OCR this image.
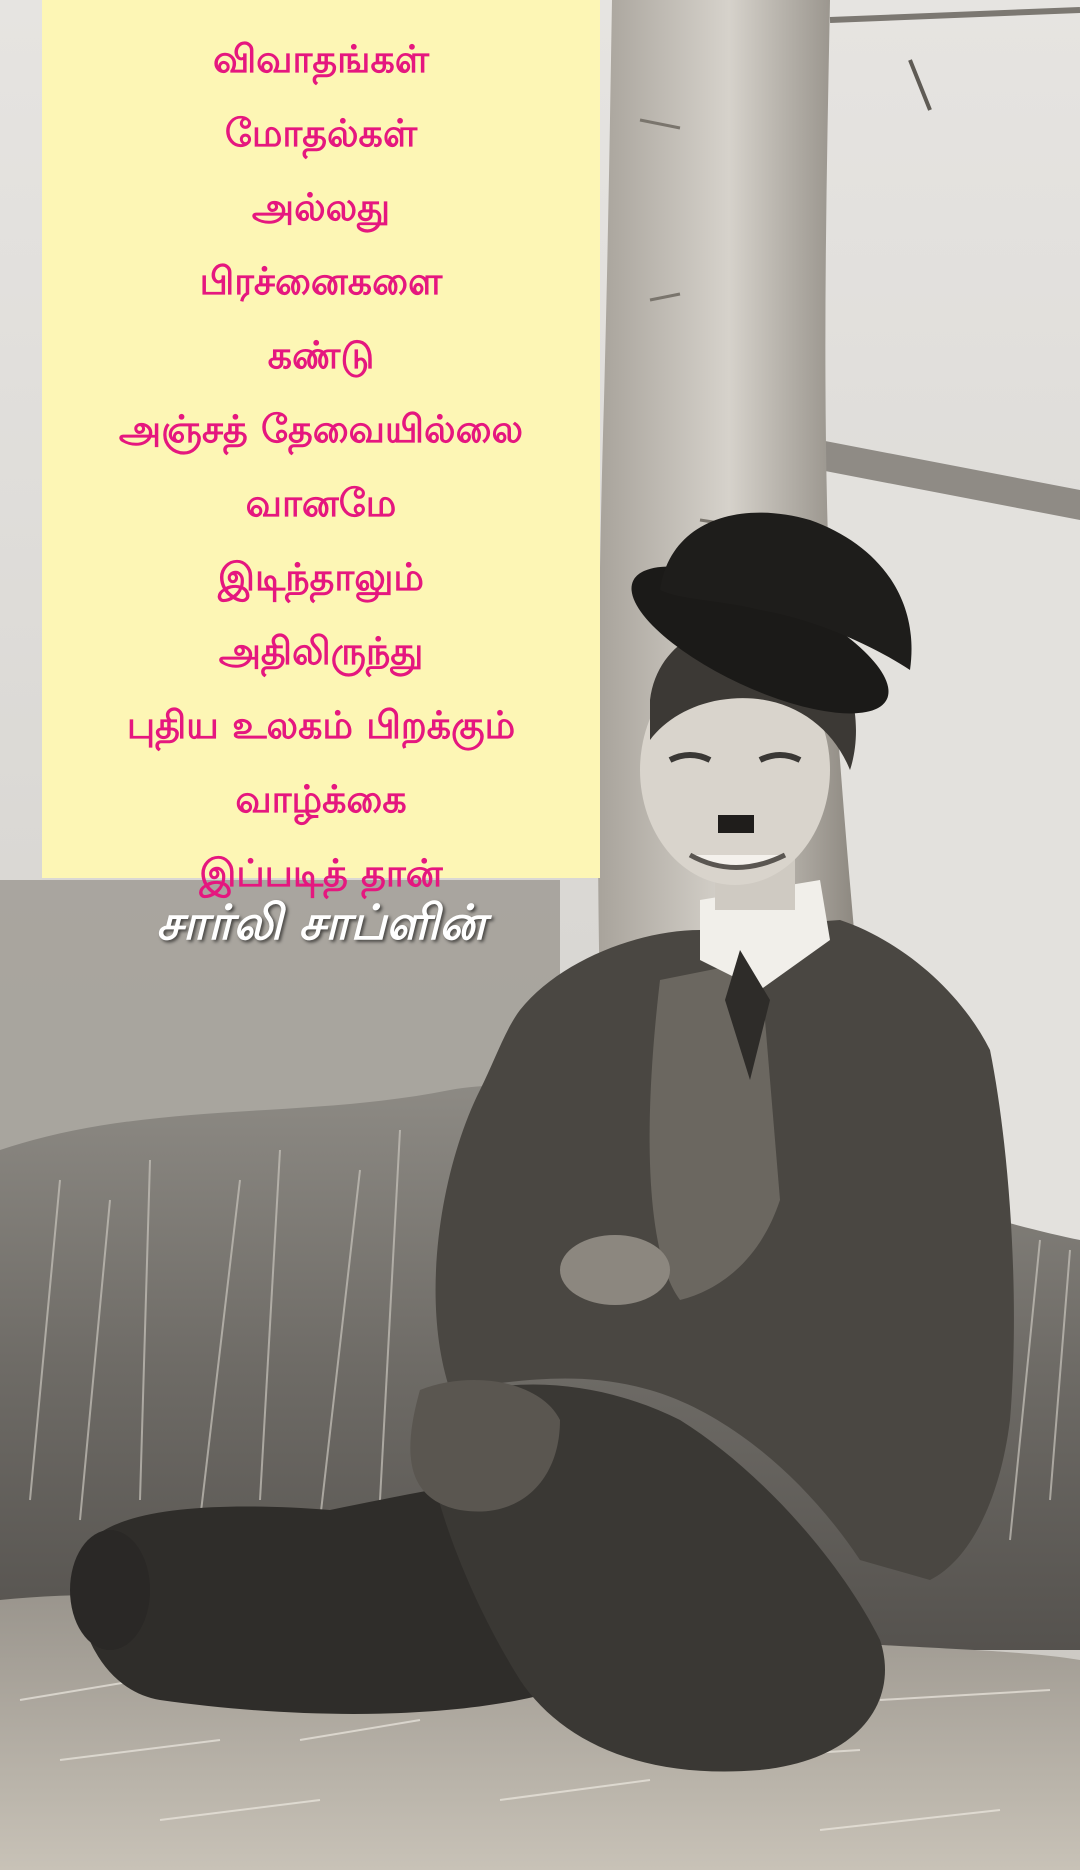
விவாதங்கள்
மோதல்கள்
அல்லது
பிரச்னைகளை
கண்டு
அஞ்சத் தேவையில்லை
வானமே
இடிந்தாலும்
அதிலிருந்து
புதிய உலகம் பிறக்கும்
வாழ்க்கை
இப்படித் தான்
சார்லி சாப்ளின்
